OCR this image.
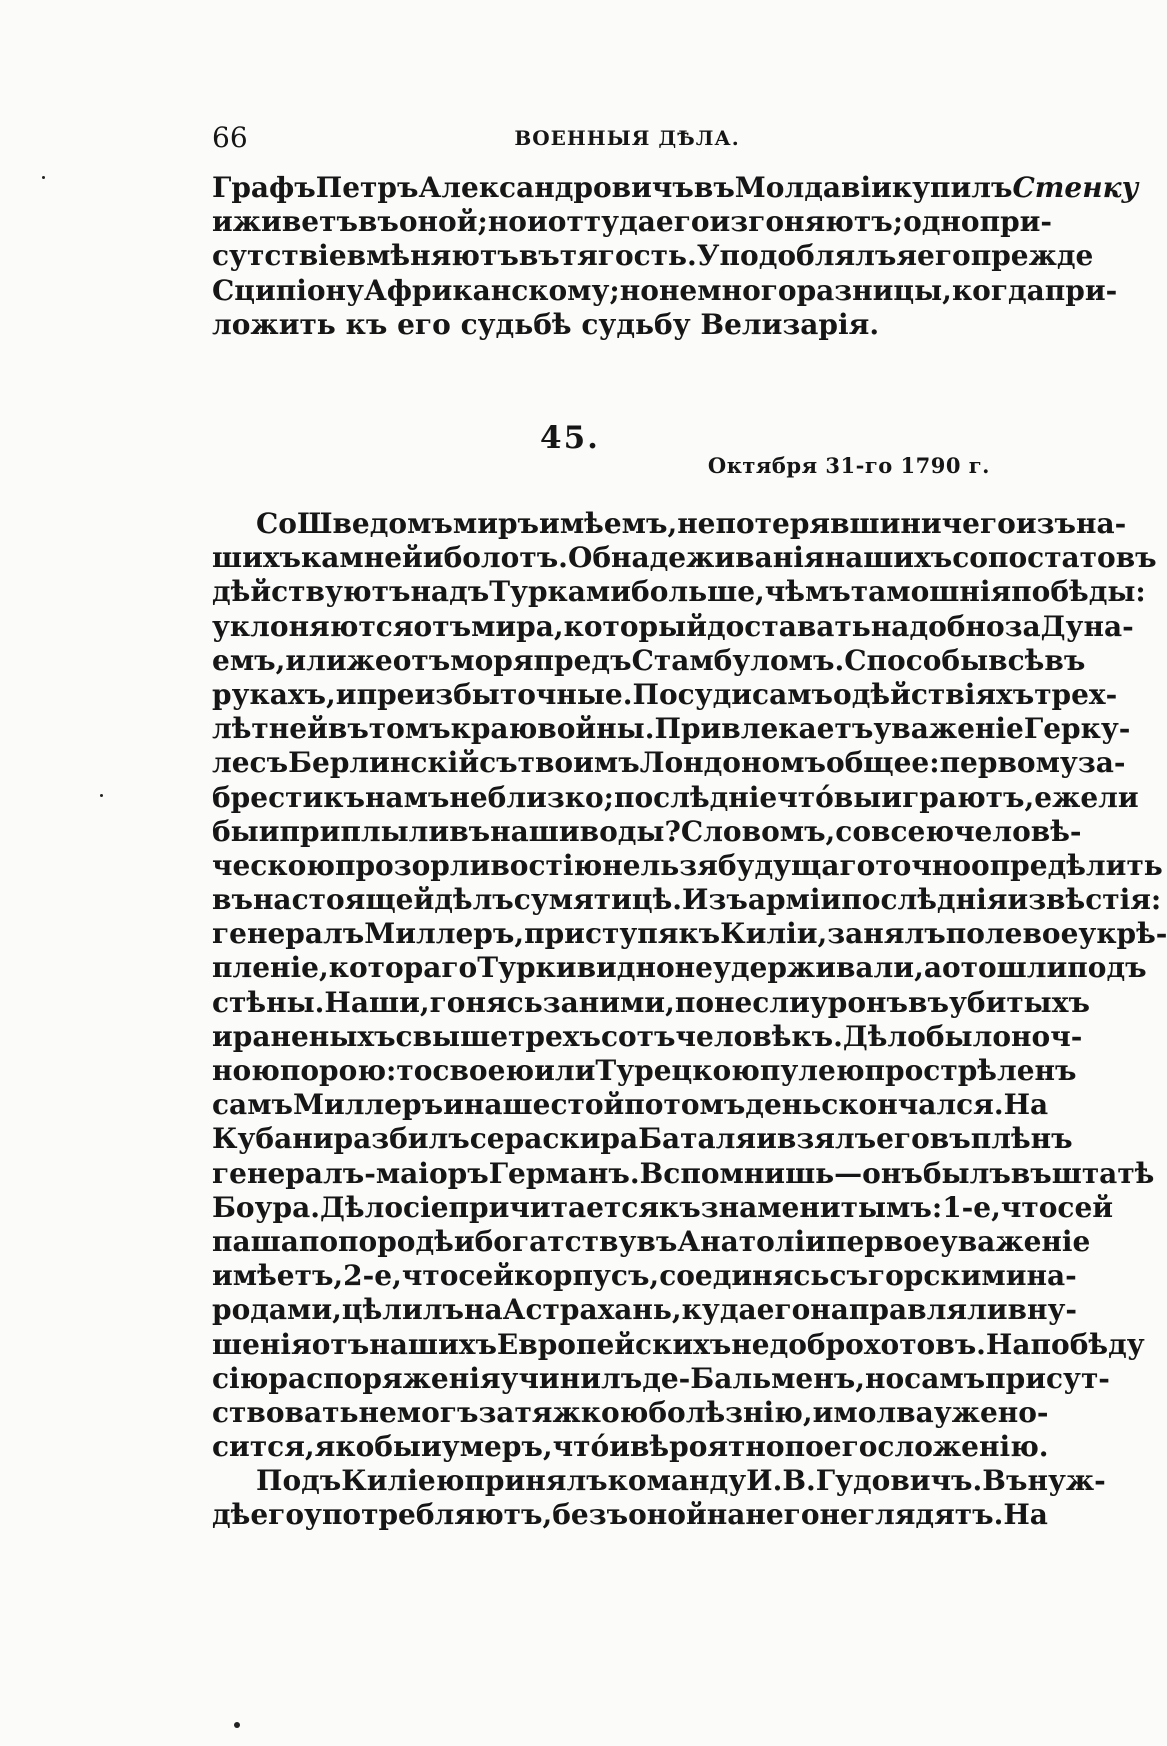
66	ВОЕННЫЯ ДѢЛА.
Графъ Петръ Александровичъ въ Молдавіи купилъ Стенку
и живетъ въ оной; но и оттуда его изгоняютъ; одно при-
сутствіе вмѣняютъ въ тягость. Уподоблялъ я его прежде
Сципіону Африканскому; но немного разницы, когда при-
ложить къ его судьбѣ судьбу Велизарія.
45.
Октября 31-го 1790 г.
Со Шведомъ миръ имѣемъ, не потерявши ничего изъ на-
шихъ камней и болотъ. Обнадеживанія нашихъ сопостатовъ
дѣйствуютъ надъ Турками больше, чѣмъ тамошнія побѣды:
уклоняются отъ мира, который доставать надобно за Дуна-
емъ, или же отъ моря предъ Стамбуломъ. Способы всѣ въ
рукахъ, и преизбыточные. Посуди самъ о дѣйствіяхъ трех-
лѣтней въ томъ краю войны. Привлекаетъ уваженіе Герку-
лесъ Берлинскій съ твоимъ Лондономъ общее: первому за-
брести къ намъ неблизко; послѣдніе чтó выиграютъ, ежели
бы и приплыли въ наши воды? Словомъ, со всею человѣ-
ческою прозорливостію нельзя будущаго точно опредѣлить
въ настоящей дѣлъ сумятицѣ. Изъ арміи послѣднія извѣстія:
генералъ Миллеръ, приступя къ Киліи, занялъ полевое укрѣ-
пленіе, котораго Турки видно не удерживали, а отошли подъ
стѣны. Наши, гонясь за ними, понесли уронъ въ убитыхъ
и раненыхъ свыше трехъ сотъ человѣкъ. Дѣло было ноч-
ною порою: то своею или Турецкою пулею прострѣленъ
самъ Миллеръ и на шестой потомъ день скончался. На
Кубани разбилъ сераскира Баталя и взялъ его въ плѣнъ
генералъ-маіоръ Германъ. Вспомнишь—онъ былъ въ штатѣ
Боура. Дѣло сіе причитается къ знаменитымъ: 1-е, что сей
паша по породѣ и богатству въ Анатоліи первое уваженіе
имѣетъ, 2-е, что сей корпусъ, соединясь съ горскими на-
родами, цѣлилъ на Астрахань, куда его направляли вну-
шенія отъ нашихъ Европейскихъ недоброхотовъ. На побѣду
сію распоряженія учинилъ де-Бальменъ, но самъ присут-
ствовать не могъ за тяжкою болѣзнію, и молва уже но-
сится, яко бы и умеръ, чтó и вѣроятно по его сложенію.
Подъ Киліею принялъ команду И. В. Гудовичъ. Въ нуж-
дѣ его употребляютъ, безъ оной на него не глядятъ. На
